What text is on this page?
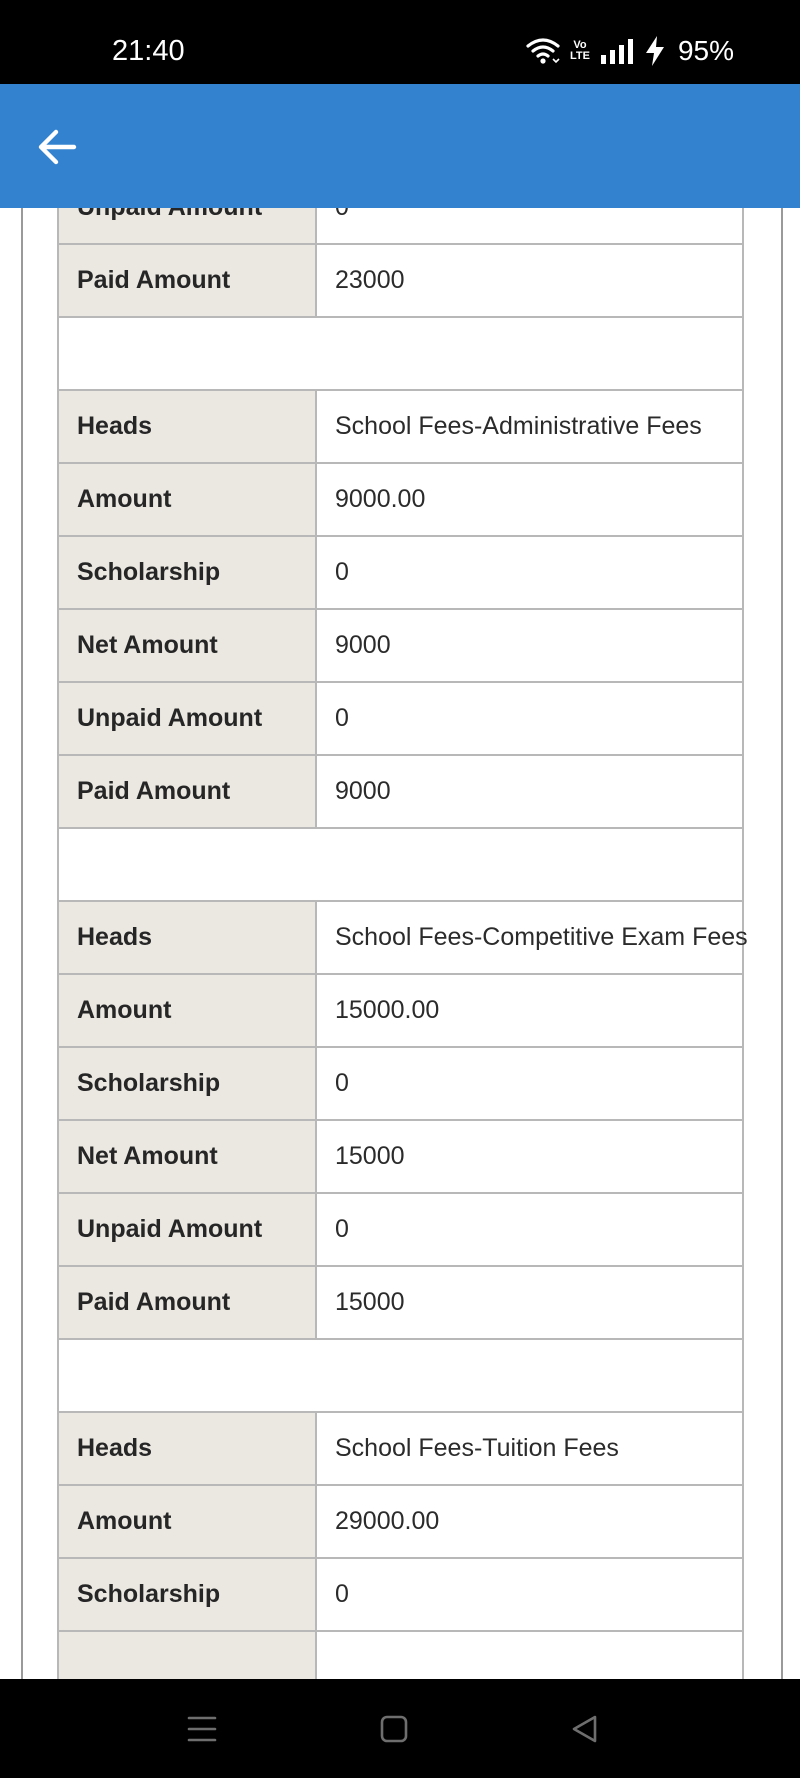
21:40	Vo LTE	95%

Paid Amount	23000

Heads	School Fees-Administrative Fees
Amount	9000.00
Scholarship	0
Net Amount	9000
Unpaid Amount	0
Paid Amount	9000

Heads	School Fees-Competitive Exam Fees
Amount	15000.00
Scholarship	0
Net Amount	15000
Unpaid Amount	0
Paid Amount	15000

Heads	School Fees-Tuition Fees
Amount	29000.00
Scholarship	0
